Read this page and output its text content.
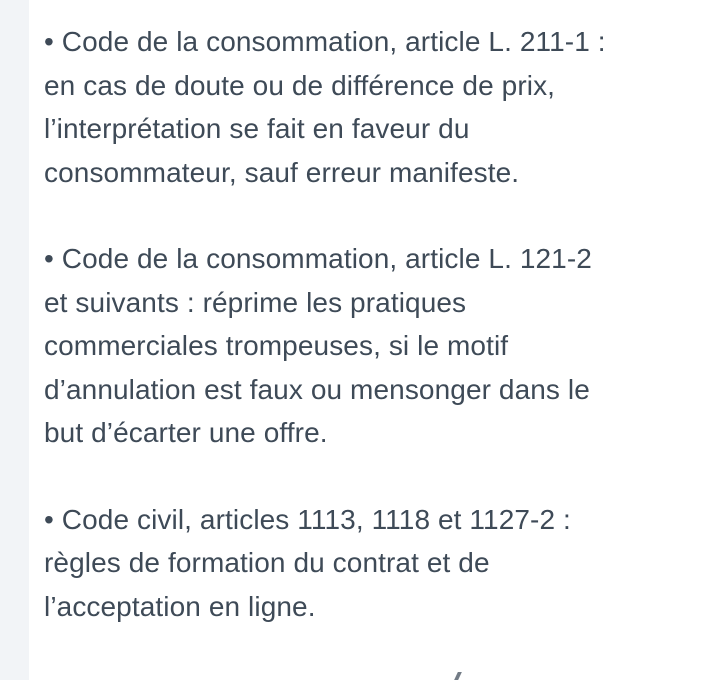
• Code de la consommation, article L. 211-1 :
en cas de doute ou de différence de prix,
l’interprétation se fait en faveur du
consommateur, sauf erreur manifeste.
• Code de la consommation, article L. 121-2
et suivants : réprime les pratiques
commerciales trompeuses, si le motif
d’annulation est faux ou mensonger dans le
but d’écarter une offre.
• Code civil, articles 1113, 1118 et 1127-2 :
règles de formation du contrat et de
l’acceptation en ligne.
